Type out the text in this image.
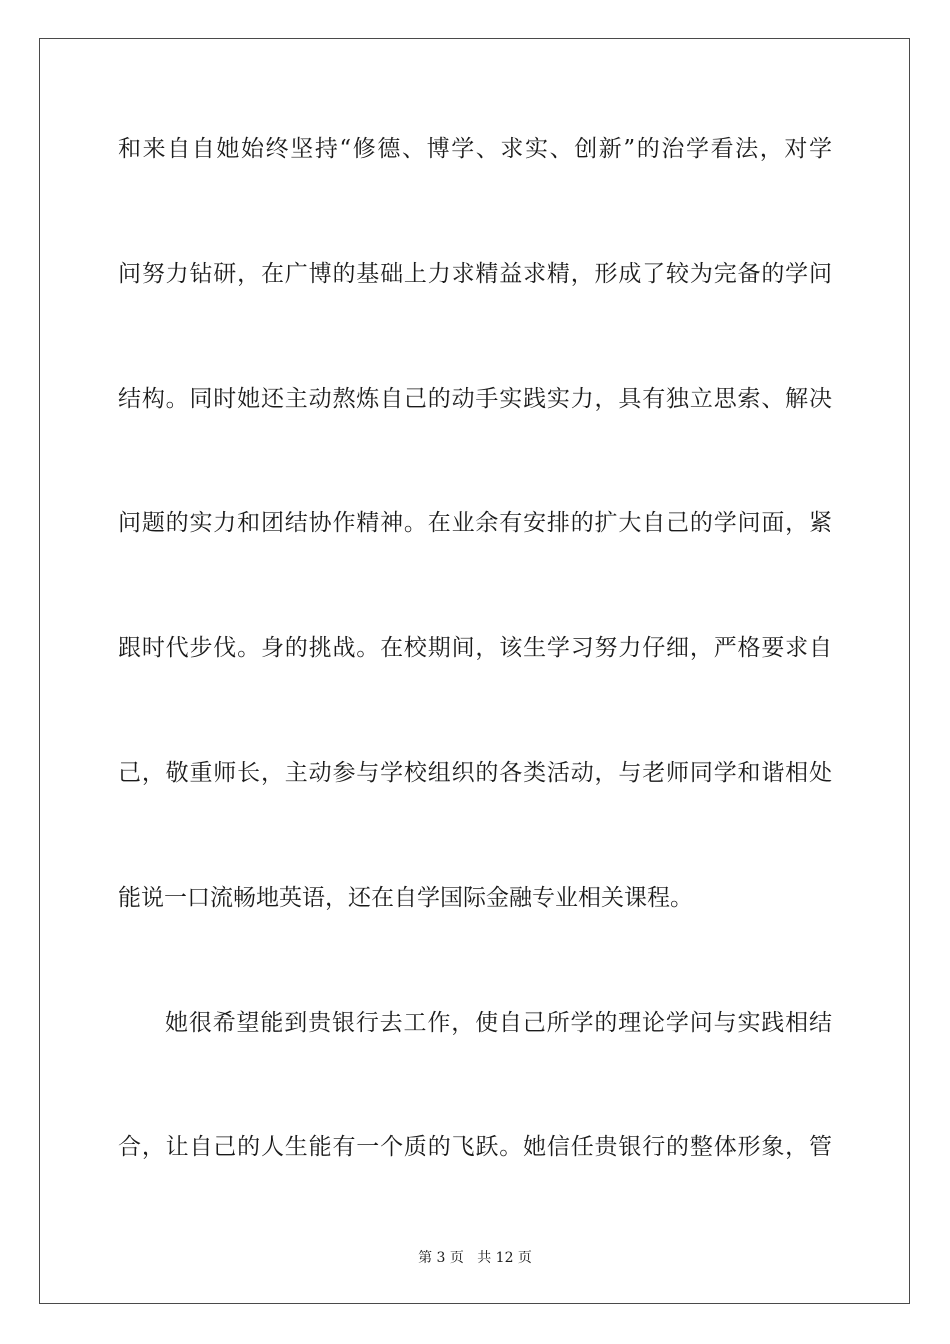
和来自自她始终坚持“修德、博学、求实、创新”的治学看法，对学
问努力钻研，在广博的基础上力求精益求精，形成了较为完备的学问
结构。同时她还主动熬炼自己的动手实践实力，具有独立思索、解决
问题的实力和团结协作精神。在业余有安排的扩大自己的学问面，紧
跟时代步伐。身的挑战。在校期间，该生学习努力仔细，严格要求自
己，敬重师长，主动参与学校组织的各类活动，与老师同学和谐相处
能说一口流畅地英语，还在自学国际金融专业相关课程。
她很希望能到贵银行去工作，使自己所学的理论学问与实践相结
合，让自己的人生能有一个质的飞跃。她信任贵银行的整体形象，管
第 3 页   共 12 页
